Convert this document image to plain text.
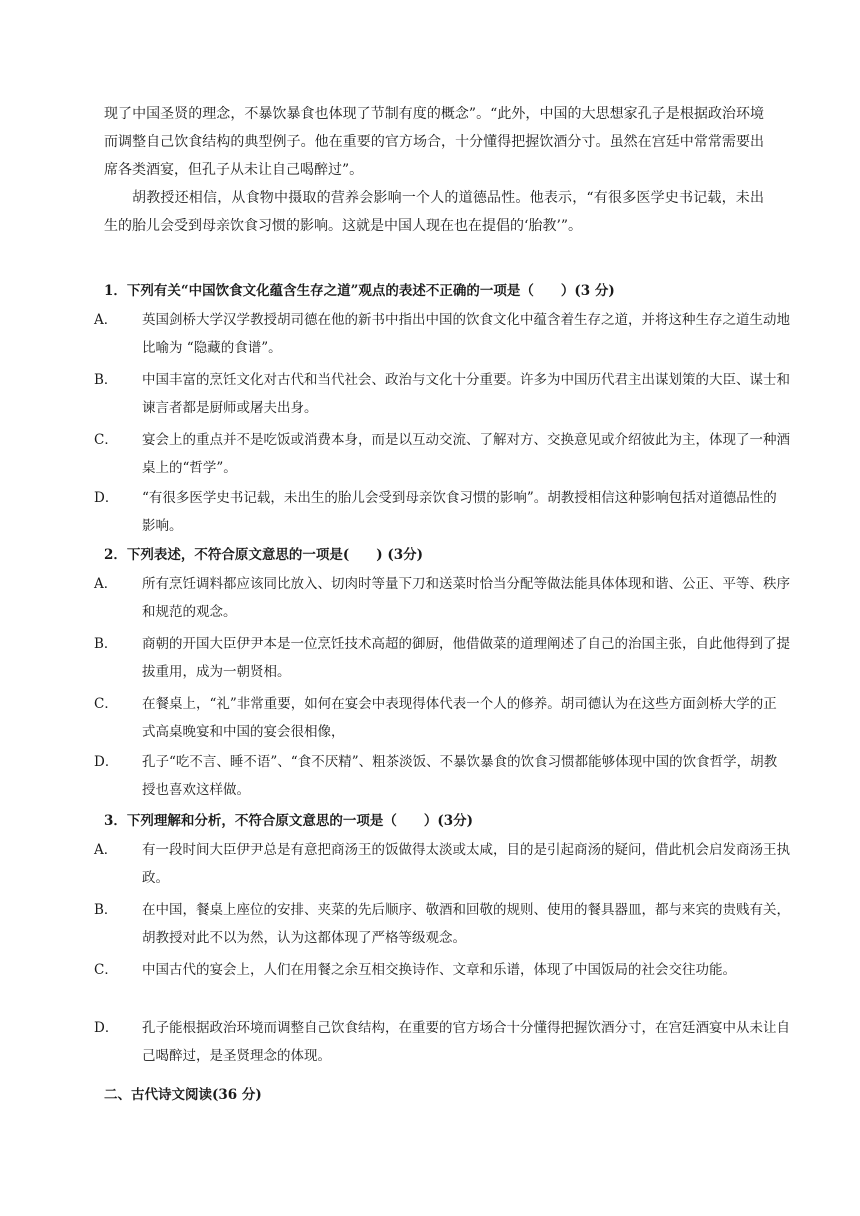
现了中国圣贤的理念，不暴饮暴食也体现了节制有度的概念”。“此外，中国的大思想家孔子是根据政治环境而调整自己饮食结构的典型例子。他在重要的官方场合，十分懂得把握饮酒分寸。虽然在宫廷中常常需要出席各类酒宴，但孔子从未让自己喝醉过”。

胡教授还相信，从食物中摄取的营养会影响一个人的道德品性。他表示，“有很多医学史书记载，未出生的胎儿会受到母亲饮食习惯的影响。这就是中国人现在也在提倡的‘胎教’”。

1．下列有关“中国饮食文化蕴含生存之道”观点的表述不正确的一项是（　　）(3 分)

A． 英国剑桥大学汉学教授胡司德在他的新书中指出中国的饮食文化中蕴含着生存之道，并将这种生存之道生动地比喻为 “隐藏的食谱”。

B． 中国丰富的烹饪文化对古代和当代社会、政治与文化十分重要。许多为中国历代君主出谋划策的大臣、谋士和谏言者都是厨师或屠夫出身。

C． 宴会上的重点并不是吃饭或消费本身，而是以互动交流、了解对方、交换意见或介绍彼此为主，体现了一种酒桌上的“哲学”。

D． “有很多医学史书记载，未出生的胎儿会受到母亲饮食习惯的影响”。胡教授相信这种影响包括对道德品性的影响。

2．下列表述，不符合原文意思的一项是(　　) (3分)

A． 所有烹饪调料都应该同比放入、切肉时等量下刀和送菜时恰当分配等做法能具体体现和谐、公正、平等、秩序和规范的观念。

B． 商朝的开国大臣伊尹本是一位烹饪技术高超的御厨，他借做菜的道理阐述了自己的治国主张，自此他得到了提拔重用，成为一朝贤相。

C． 在餐桌上，“礼”非常重要，如何在宴会中表现得体代表一个人的修养。胡司德认为在这些方面剑桥大学的正式高桌晚宴和中国的宴会很相像，

D． 孔子“吃不言、睡不语”、“食不厌精”、粗茶淡饭、不暴饮暴食的饮食习惯都能够体现中国的饮食哲学，胡教授也喜欢这样做。

3．下列理解和分析，不符合原文意思的一项是（　　）(3分)

A． 有一段时间大臣伊尹总是有意把商汤王的饭做得太淡或太咸，目的是引起商汤的疑问，借此机会启发商汤王执政。

B． 在中国，餐桌上座位的安排、夹菜的先后顺序、敬酒和回敬的规则、使用的餐具器皿，都与来宾的贵贱有关，胡教授对此不以为然，认为这都体现了严格等级观念。

C． 中国古代的宴会上，人们在用餐之余互相交换诗作、文章和乐谱，体现了中国饭局的社会交往功能。

D． 孔子能根据政治环境而调整自己饮食结构，在重要的官方场合十分懂得把握饮酒分寸，在宫廷酒宴中从未让自己喝醉过，是圣贤理念的体现。

二、古代诗文阅读(36 分)
